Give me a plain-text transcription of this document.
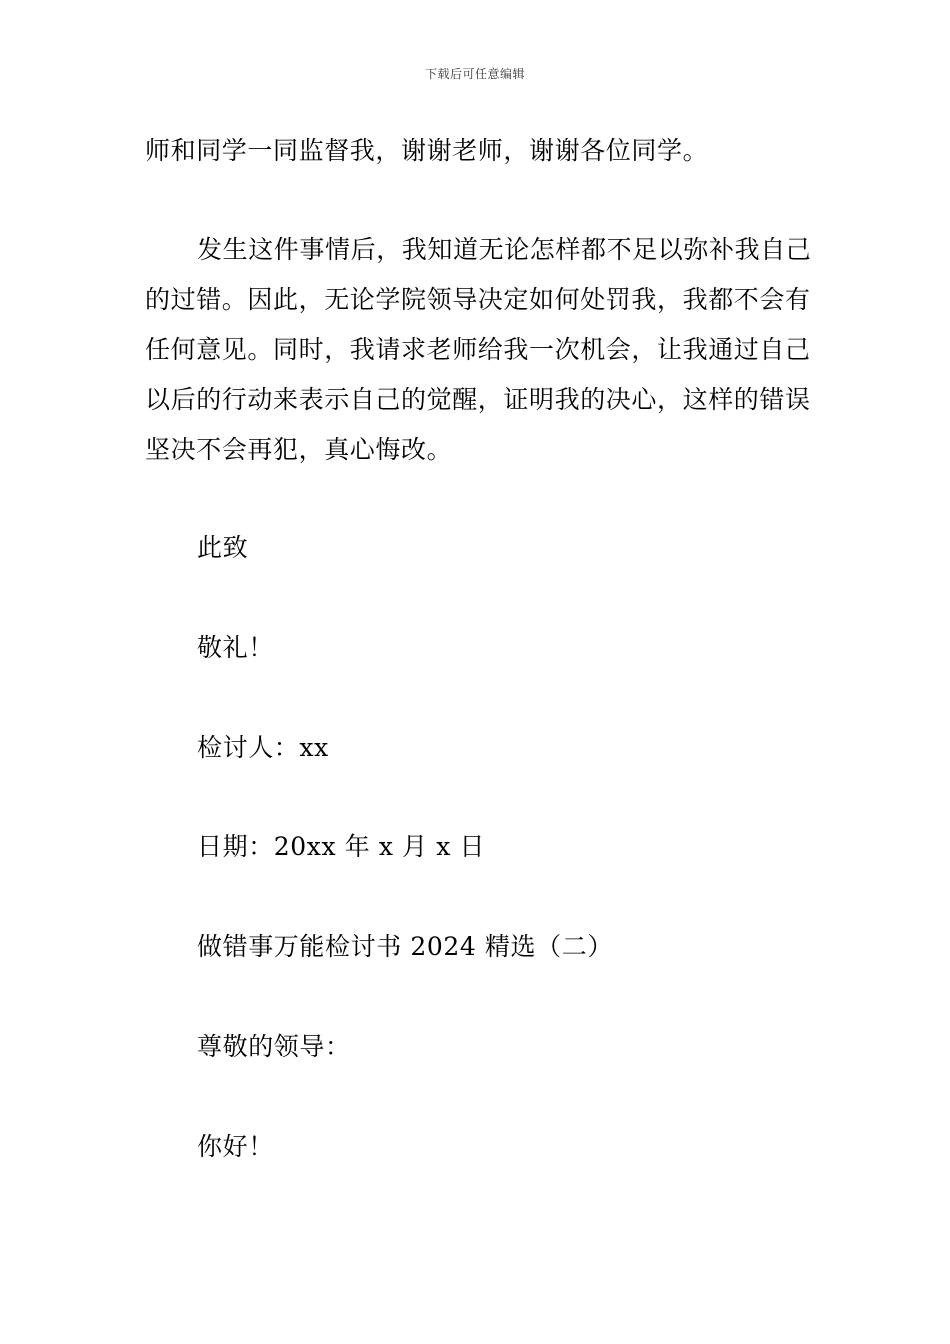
下载后可任意编辑
师和同学一同监督我，谢谢老师，谢谢各位同学。
发生这件事情后，我知道无论怎样都不足以弥补我自己的过错。因此，无论学院领导决定如何处罚我，我都不会有任何意见。同时，我请求老师给我一次机会，让我通过自己以后的行动来表示自己的觉醒，证明我的决心，这样的错误坚决不会再犯，真心悔改。
此致
敬礼！
检讨人：xx
日期：20xx 年 x 月 x 日
做错事万能检讨书 2024 精选（二）
尊敬的领导：
你好！
